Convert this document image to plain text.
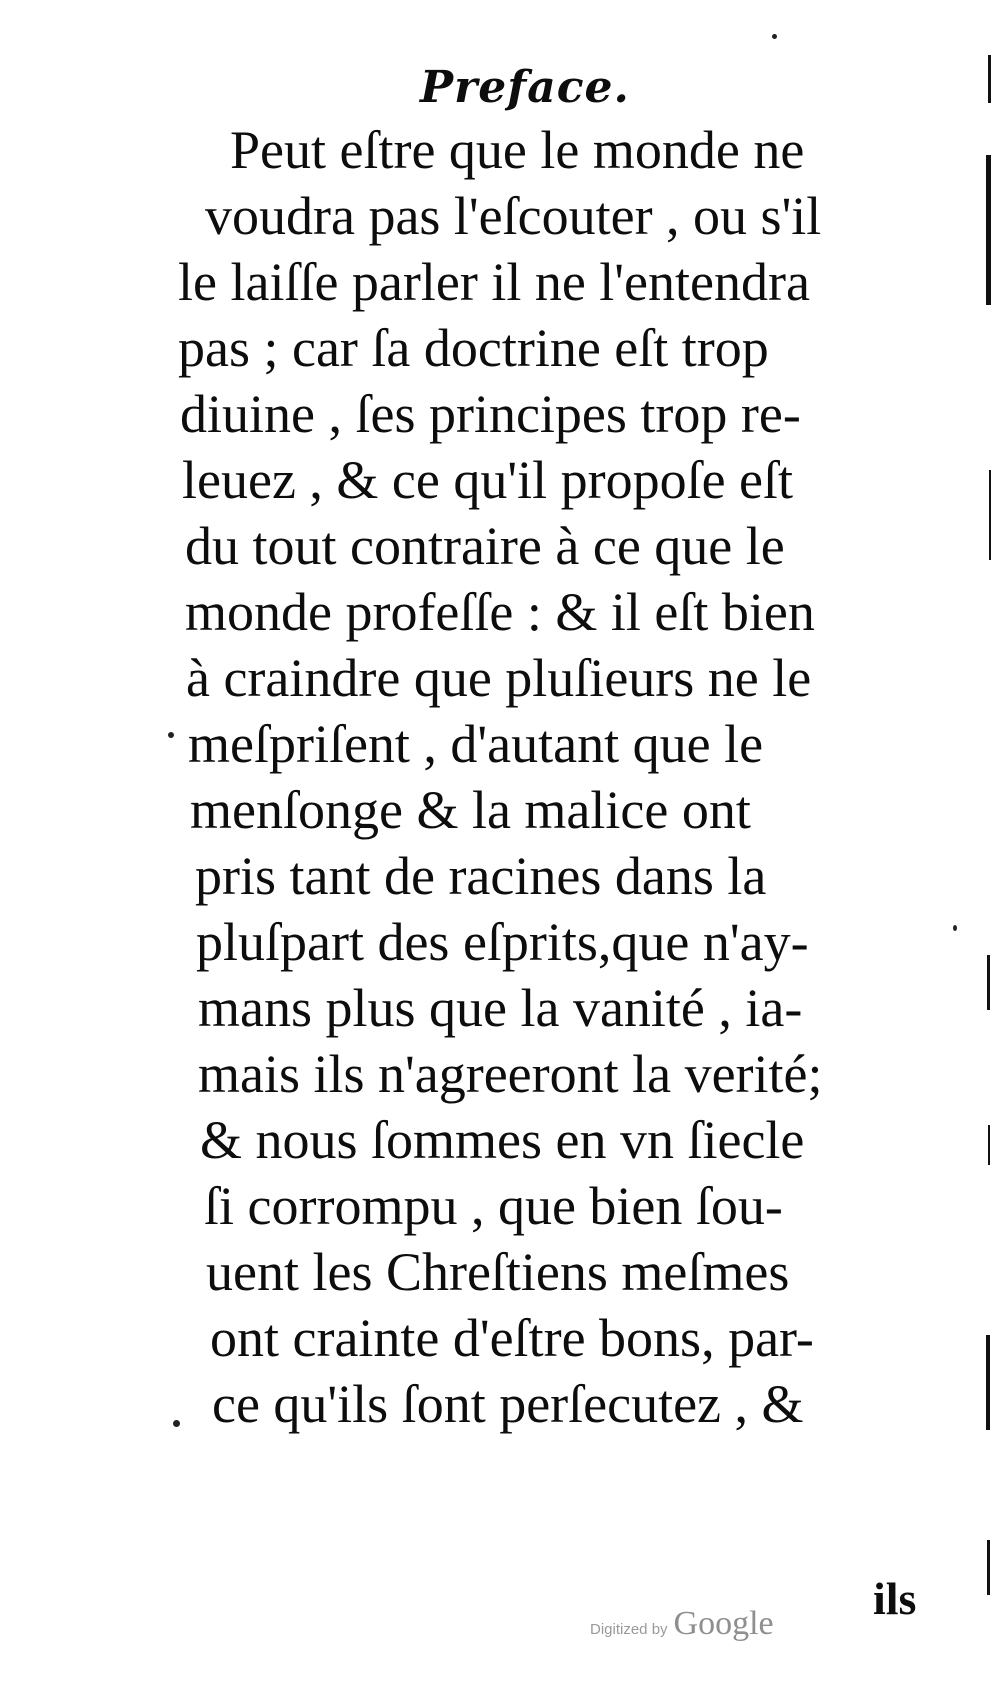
Preface.
Peut eſtre que le monde ne
voudra pas l'eſcouter , ou s'il
le laiſſe parler il ne l'entendra
pas ; car ſa doctrine eſt trop
diuine , ſes principes trop re-
leuez , & ce qu'il propoſe eſt
du tout contraire à ce que le
monde profeſſe : & il eſt bien
à craindre que pluſieurs ne le
meſpriſent , d'autant que le
menſonge & la malice ont
pris tant de racines dans la
pluſpart des eſprits,que n'ay-
mans plus que la vanité , ia-
mais ils n'agreeront la verité;
& nous ſommes en vn ſiecle
ſi corrompu , que bien ſou-
uent les Chreſtiens meſmes
ont crainte d'eſtre bons, par-
ce qu'ils ſont perſecutez , &
ils
Digitized by Google
